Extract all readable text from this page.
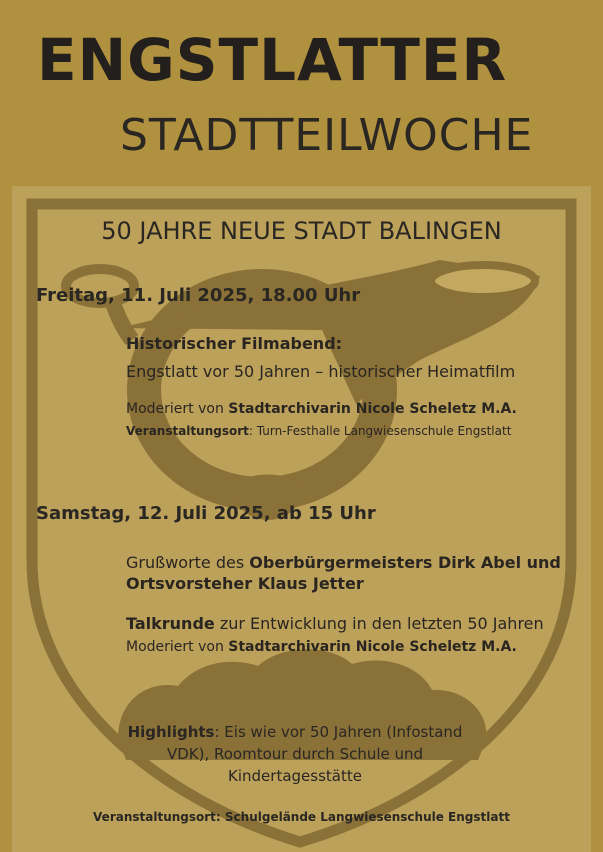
ENGSTLATTER
STADTTEILWOCHE
50 JAHRE NEUE STADT BALINGEN
Freitag, 11. Juli 2025, 18.00 Uhr
Historischer Filmabend:
Engstlatt vor 50 Jahren – historischer Heimatfilm
Moderiert von Stadtarchivarin Nicole Scheletz M.A.
Veranstaltungsort: Turn-Festhalle Langwiesenschule Engstlatt
Samstag, 12. Juli 2025, ab 15 Uhr
Grußworte des Oberbürgermeisters Dirk Abel und
Ortsvorsteher Klaus Jetter
Talkrunde zur Entwicklung in den letzten 50 Jahren
Moderiert von Stadtarchivarin Nicole Scheletz M.A.
Highlights: Eis wie vor 50 Jahren (Infostand
VDK), Roomtour durch Schule und
Kindertagesstätte
Veranstaltungsort: Schulgelände Langwiesenschule Engstlatt
